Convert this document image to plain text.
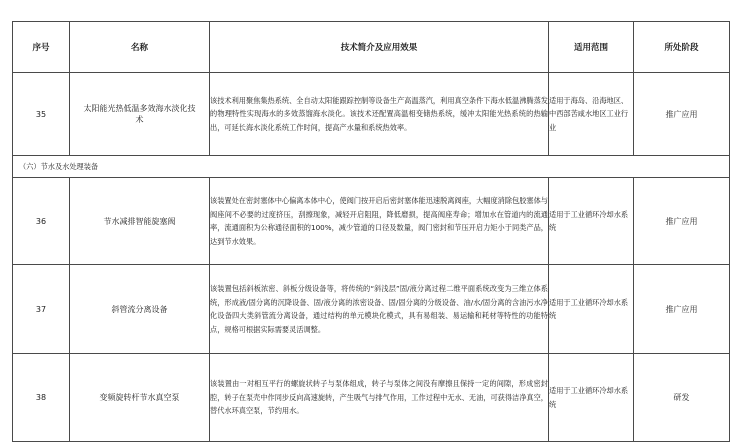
序号	名称	技术简介及应用效果	适用范围	所处阶段
35	太阳能光热低温多效海水淡化技术	该技术利用聚焦集热系统、全自动太阳能跟踪控制等设备生产高温蒸汽，利用真空条件下海水低温沸腾蒸发的物理特性实现海水的多效蒸馏海水淡化。该技术还配置高温相变储热系统，缓冲太阳能光热系统的热输出，可延长海水淡化系统工作时间，提高产水量和系统热效率。	适用于海岛、沿海地区、中西部苦咸水地区工业行业	推广应用
（六）节水及水处理装备				
36	节水减排智能旋塞阀	该装置处在密封塞体中心偏离本体中心，使阀门按开启后密封塞体能迅速脱离阀座，大幅度消除包胶塞体与阀座间不必要的过度挤压，刮擦现象，减轻开启阻阻，降低磨损，提高阀座寿命；增加水在管道内的流通率，流通面积为公称通径面积的100%，减少管道的口径及数量，阀门密封和节压开启力矩小于同类产品，达到节水效果。	适用于工业循环冷却水系统	推广应用
37	斜管流分离设备	该装置包括斜板浓密、斜板分级设备等，将传统的“斜浅层”固/液分离过程二维平面系统改变为三维立体系统，形成液/固分离的沉降设备、固/液分离的浓密设备、固/固分离的分级设备、油/水/固分离的含油污水净化设备四大类斜管流分离设备，通过结构的单元模块化模式，具有易组装、易运输和耗材等特性的功能特点，规格可根据实际需要灵活调整。	适用于工业循环冷却水系统	推广应用
38	变频旋转杆节水真空泵	该装置由一对相互平行的螺旋状转子与泵体组成，转子与泵体之间没有摩擦且保持一定的间隙，形成密封腔，转子在泵壳中作同步反向高速旋转，产生吸气与排气作用，工作过程中无水、无油，可获得洁净真空，替代水环真空泵，节约用水。	适用于工业循环冷却水系统	研发
